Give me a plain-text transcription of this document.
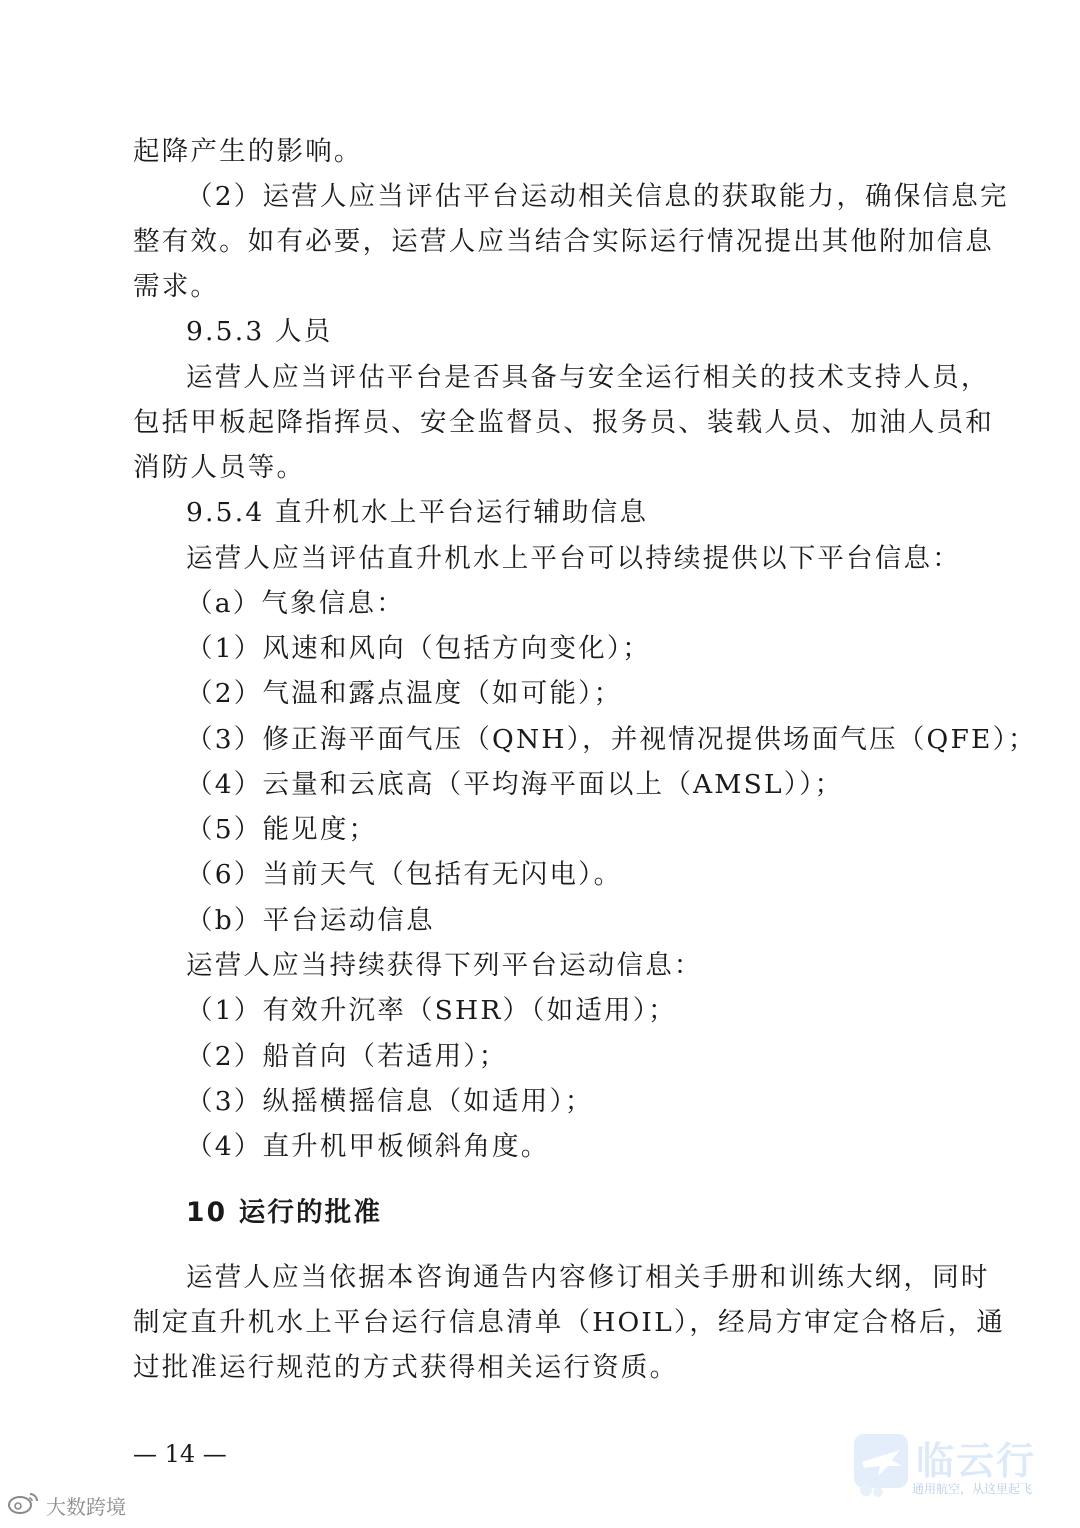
起降产生的影响。
（2）运营人应当评估平台运动相关信息的获取能力，确保信息完
整有效。如有必要，运营人应当结合实际运行情况提出其他附加信息
需求。
9.5.3 人员
运营人应当评估平台是否具备与安全运行相关的技术支持人员，
包括甲板起降指挥员、安全监督员、报务员、装载人员、加油人员和
消防人员等。
9.5.4 直升机水上平台运行辅助信息
运营人应当评估直升机水上平台可以持续提供以下平台信息：
（a）气象信息：
（1）风速和风向（包括方向变化）；
（2）气温和露点温度（如可能）；
（3）修正海平面气压（QNH），并视情况提供场面气压（QFE）；
（4）云量和云底高（平均海平面以上（AMSL））；
（5）能见度；
（6）当前天气（包括有无闪电）。
（b）平台运动信息
运营人应当持续获得下列平台运动信息：
（1）有效升沉率（SHR）（如适用）；
（2）船首向（若适用）；
（3）纵摇横摇信息（如适用）；
（4）直升机甲板倾斜角度。
10 运行的批准
运营人应当依据本咨询通告内容修订相关手册和训练大纲，同时
制定直升机水上平台运行信息清单（HOIL），经局方审定合格后，通
过批准运行规范的方式获得相关运行资质。
— 14 —
大数跨境
临云行
通用航空，从这里起飞
